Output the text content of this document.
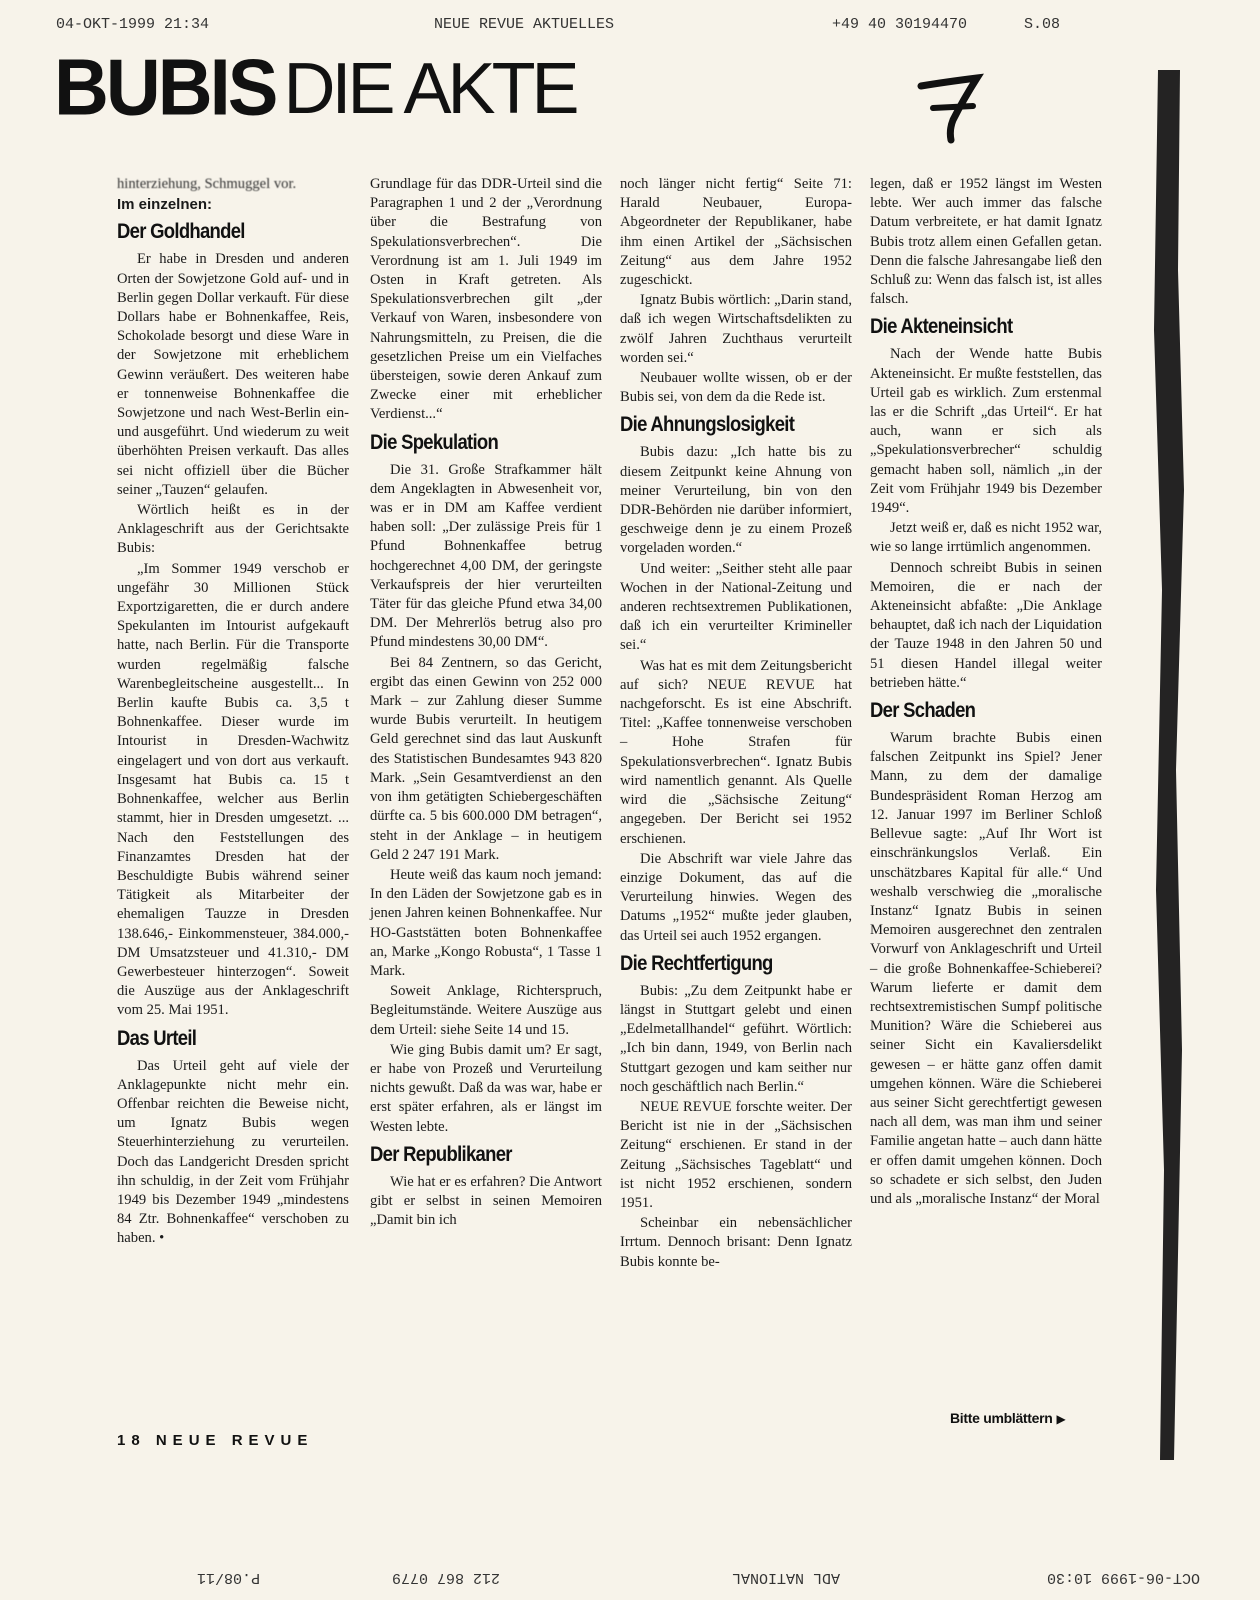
04-OKT-1999 21:34	NEUE REVUE AKTUELLES	+49 40 30194470	S.08
BUBIS DIE AKTE

hinterziehung, Schmuggel vor.

Im einzelnen:

Der Goldhandel

Er habe in Dresden und anderen Orten der Sowjetzone Gold auf- und in Berlin gegen Dollar verkauft. Für diese Dollars habe er Bohnenkaffee, Reis, Schokolade besorgt und diese Ware in der Sowjetzone mit erheblichem Gewinn veräußert. Des weiteren habe er tonnenweise Bohnenkaffee die Sowjetzone und nach West-Berlin ein- und ausgeführt. Und wiederum zu weit überhöhten Preisen verkauft. Das alles sei nicht offiziell über die Bücher seiner „Tauzen“ gelaufen.

Wörtlich heißt es in der Anklageschrift aus der Gerichtsakte Bubis:

„Im Sommer 1949 verschob er ungefähr 30 Millionen Stück Exportzigaretten, die er durch andere Spekulanten im Intourist aufgekauft hatte, nach Berlin. Für die Transporte wurden regelmäßig falsche Warenbegleitscheine ausgestellt... In Berlin kaufte Bubis ca. 3,5 t Bohnenkaffee. Dieser wurde im Intourist in Dresden-Wachwitz eingelagert und von dort aus verkauft. Insgesamt hat Bubis ca. 15 t Bohnenkaffee, welcher aus Berlin stammt, hier in Dresden umgesetzt. ... Nach den Feststellungen des Finanzamtes Dresden hat der Beschuldigte Bubis während seiner Tätigkeit als Mitarbeiter der ehemaligen Tauzze in Dresden 138.646,- Einkommensteuer, 384.000,- DM Umsatzsteuer und 41.310,- DM Gewerbesteuer hinterzogen“. Soweit die Auszüge aus der Anklageschrift vom 25. Mai 1951.

Das Urteil

Das Urteil geht auf viele der Anklagepunkte nicht mehr ein. Offenbar reichten die Beweise nicht, um Ignatz Bubis wegen Steuerhinterziehung zu verurteilen. Doch das Landgericht Dresden spricht ihn schuldig, in der Zeit vom Frühjahr 1949 bis Dezember 1949 „mindestens 84 Ztr. Bohnenkaffee“ verschoben zu haben. •

Grundlage für das DDR-Urteil sind die Paragraphen 1 und 2 der „Verordnung über die Bestrafung von Spekulationsverbrechen“. Die Verordnung ist am 1. Juli 1949 im Osten in Kraft getreten. Als Spekulationsverbrechen gilt „der Verkauf von Waren, insbesondere von Nahrungsmitteln, zu Preisen, die die gesetzlichen Preise um ein Vielfaches übersteigen, sowie deren Ankauf zum Zwecke einer mit erheblicher Verdienst...“

Die Spekulation

Die 31. Große Strafkammer hält dem Angeklagten in Abwesenheit vor, was er in DM am Kaffee verdient haben soll: „Der zulässige Preis für 1 Pfund Bohnenkaffee betrug hochgerechnet 4,00 DM, der geringste Verkaufspreis der hier verurteilten Täter für das gleiche Pfund etwa 34,00 DM. Der Mehrerlös betrug also pro Pfund mindestens 30,00 DM“.

Bei 84 Zentnern, so das Gericht, ergibt das einen Gewinn von 252 000 Mark – zur Zahlung dieser Summe wurde Bubis verurteilt. In heutigem Geld gerechnet sind das laut Auskunft des Statistischen Bundesamtes 943 820 Mark. „Sein Gesamtverdienst an den von ihm getätigten Schiebergeschäften dürfte ca. 5 bis 600.000 DM betragen“, steht in der Anklage – in heutigem Geld 2 247 191 Mark.

Heute weiß das kaum noch jemand: In den Läden der Sowjetzone gab es in jenen Jahren keinen Bohnenkaffee. Nur HO-Gaststätten boten Bohnenkaffee an, Marke „Kongo Robusta“, 1 Tasse 1 Mark.

Soweit Anklage, Richterspruch, Begleitumstände. Weitere Auszüge aus dem Urteil: siehe Seite 14 und 15.

Wie ging Bubis damit um? Er sagt, er habe von Prozeß und Verurteilung nichts gewußt. Daß da was war, habe er erst später erfahren, als er längst im Westen lebte.

Der Republikaner

Wie hat er es erfahren? Die Antwort gibt er selbst in seinen Memoiren „Damit bin ich

noch länger nicht fertig“ Seite 71: Harald Neubauer, Europa-Abgeordneter der Republikaner, habe ihm einen Artikel der „Sächsischen Zeitung“ aus dem Jahre 1952 zugeschickt.

Ignatz Bubis wörtlich: „Darin stand, daß ich wegen Wirtschaftsdelikten zu zwölf Jahren Zuchthaus verurteilt worden sei.“

Neubauer wollte wissen, ob er der Bubis sei, von dem da die Rede ist.

Die Ahnungslosigkeit

Bubis dazu: „Ich hatte bis zu diesem Zeitpunkt keine Ahnung von meiner Verurteilung, bin von den DDR-Behörden nie darüber informiert, geschweige denn je zu einem Prozeß vorgeladen worden.“

Und weiter: „Seither steht alle paar Wochen in der National-Zeitung und anderen rechtsextremen Publikationen, daß ich ein verurteilter Krimineller sei.“

Was hat es mit dem Zeitungsbericht auf sich? NEUE REVUE hat nachgeforscht. Es ist eine Abschrift. Titel: „Kaffee tonnenweise verschoben – Hohe Strafen für Spekulationsverbrechen“. Ignatz Bubis wird namentlich genannt. Als Quelle wird die „Sächsische Zeitung“ angegeben. Der Bericht sei 1952 erschienen.

Die Abschrift war viele Jahre das einzige Dokument, das auf die Verurteilung hinwies. Wegen des Datums „1952“ mußte jeder glauben, das Urteil sei auch 1952 ergangen.

Die Rechtfertigung

Bubis: „Zu dem Zeitpunkt habe er längst in Stuttgart gelebt und einen „Edelmetallhandel“ geführt. Wörtlich: „Ich bin dann, 1949, von Berlin nach Stuttgart gezogen und kam seither nur noch geschäftlich nach Berlin.“

NEUE REVUE forschte weiter. Der Bericht ist nie in der „Sächsischen Zeitung“ erschienen. Er stand in der Zeitung „Sächsisches Tageblatt“ und ist nicht 1952 erschienen, sondern 1951.

Scheinbar ein nebensächlicher Irrtum. Dennoch brisant: Denn Ignatz Bubis konnte be-

legen, daß er 1952 längst im Westen lebte. Wer auch immer das falsche Datum verbreitete, er hat damit Ignatz Bubis trotz allem einen Gefallen getan. Denn die falsche Jahresangabe ließ den Schluß zu: Wenn das falsch ist, ist alles falsch.

Die Akteneinsicht

Nach der Wende hatte Bubis Akteneinsicht. Er mußte feststellen, das Urteil gab es wirklich. Zum erstenmal las er die Schrift „das Urteil“. Er hat auch, wann er sich als „Spekulationsverbrecher“ schuldig gemacht haben soll, nämlich „in der Zeit vom Frühjahr 1949 bis Dezember 1949“.

Jetzt weiß er, daß es nicht 1952 war, wie so lange irrtümlich angenommen.

Dennoch schreibt Bubis in seinen Memoiren, die er nach der Akteneinsicht abfaßte: „Die Anklage behauptet, daß ich nach der Liquidation der Tauze 1948 in den Jahren 50 und 51 diesen Handel illegal weiter betrieben hätte.“

Der Schaden

Warum brachte Bubis einen falschen Zeitpunkt ins Spiel? Jener Mann, zu dem der damalige Bundespräsident Roman Herzog am 12. Januar 1997 im Berliner Schloß Bellevue sagte: „Auf Ihr Wort ist einschränkungslos Verlaß. Ein unschätzbares Kapital für alle.“ Und weshalb verschwieg die „moralische Instanz“ Ignatz Bubis in seinen Memoiren ausgerechnet den zentralen Vorwurf von Anklageschrift und Urteil – die große Bohnenkaffee-Schieberei? Warum lieferte er damit dem rechtsextremistischen Sumpf politische Munition? Wäre die Schieberei aus seiner Sicht ein Kavaliersdelikt gewesen – er hätte ganz offen damit umgehen können. Wäre die Schieberei aus seiner Sicht gerechtfertigt gewesen nach all dem, was man ihm und seiner Familie angetan hatte – auch dann hätte er offen damit umgehen können. Doch so schadete er sich selbst, den Juden und als „moralische Instanz“ der Moral

18 NEUE REVUE
Bitte umblättern ▶
OCT-06-1999 10:30
ADL NATIONAL
212 867 0779
P.08/11
